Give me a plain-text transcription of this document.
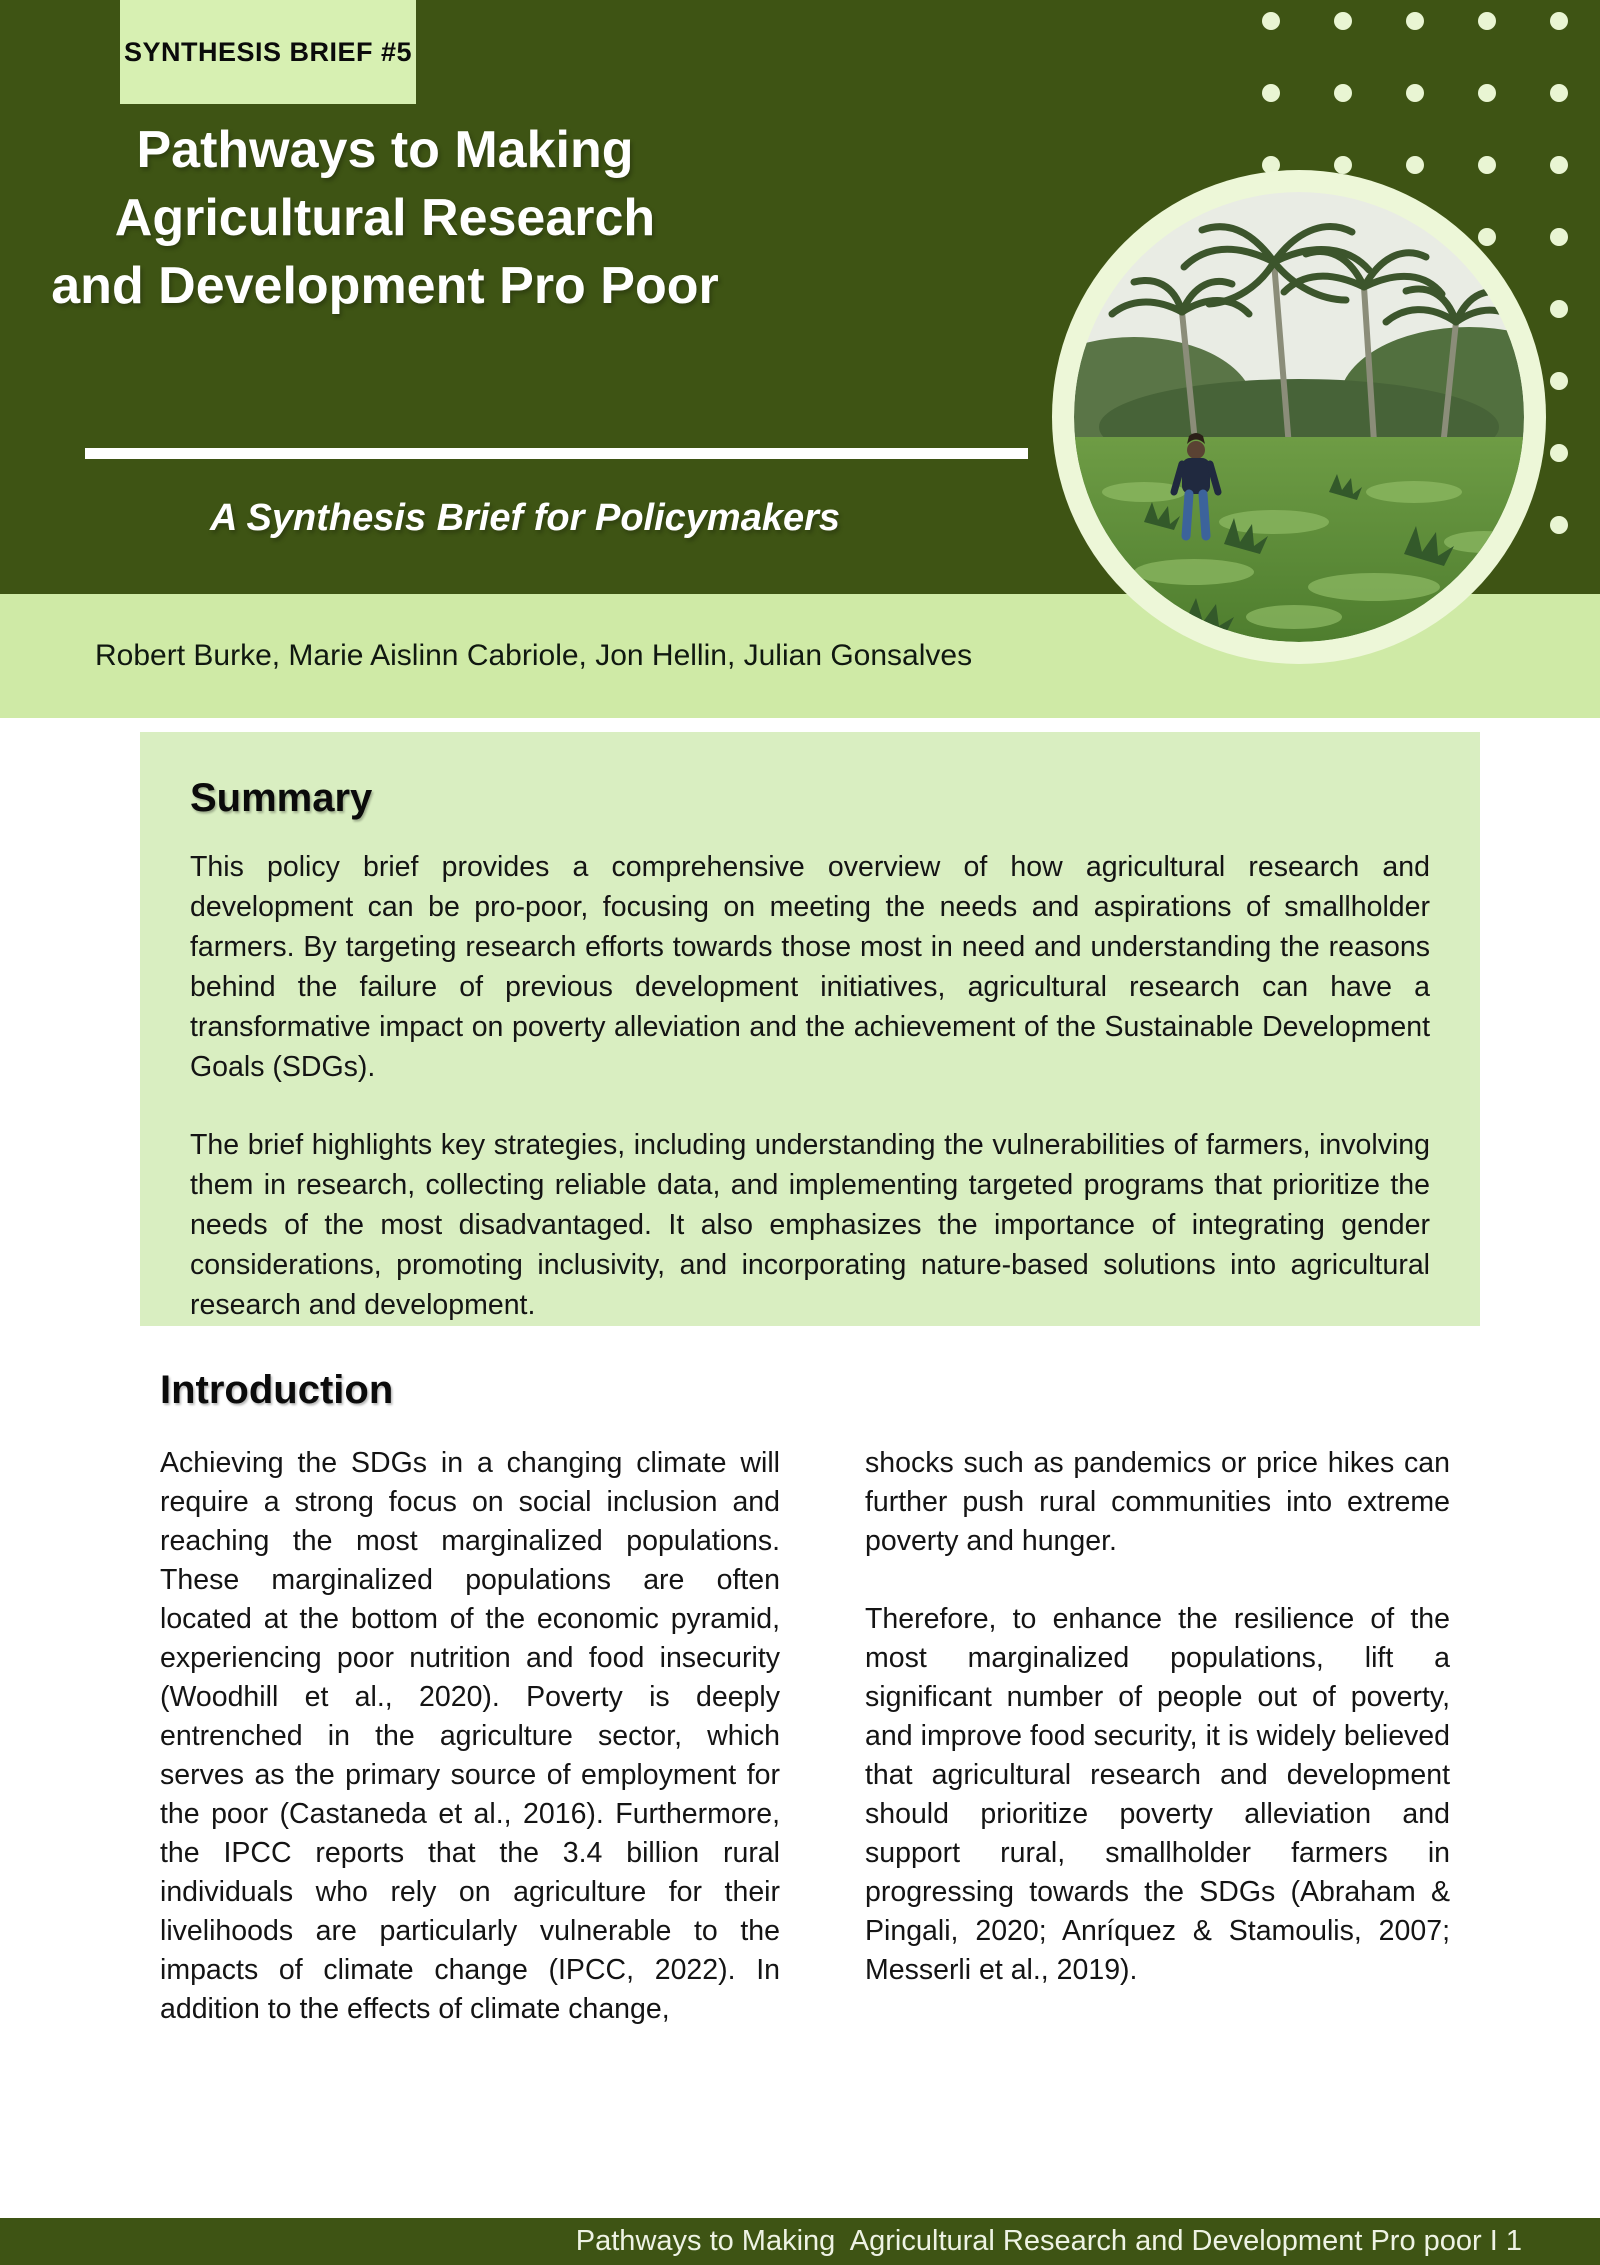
SYNTHESIS BRIEF #5
Pathways to Making
Agricultural Research
and Development Pro Poor
A Synthesis Brief for Policymakers
Robert Burke, Marie Aislinn Cabriole, Jon Hellin, Julian Gonsalves
Summary

This policy brief provides a comprehensive overview of how agricultural research and development can be pro-poor, focusing on meeting the needs and aspirations of smallholder farmers. By targeting research efforts towards those most in need and understanding the reasons behind the failure of previous development initiatives, agricultural research can have a transformative impact on poverty alleviation and the achievement of the Sustainable Development Goals (SDGs).

The brief highlights key strategies, including understanding the vulnerabilities of farmers, involving them in research, collecting reliable data, and implementing targeted programs that prioritize the needs of the most disadvantaged. It also emphasizes the importance of integrating gender considerations, promoting inclusivity, and incorporating nature-based solutions into agricultural research and development.

Introduction

Achieving the SDGs in a changing climate will require a strong focus on social inclusion and reaching the most marginalized populations. These marginalized populations are often located at the bottom of the economic pyramid, experiencing poor nutrition and food insecurity (Woodhill et al., 2020). Poverty is deeply entrenched in the agriculture sector, which serves as the primary source of employment for the poor (Castaneda et al., 2016). Furthermore, the IPCC reports that the 3.4 billion rural individuals who rely on agriculture for their livelihoods are particularly vulnerable to the impacts of climate change (IPCC, 2022). In addition to the effects of climate change,

shocks such as pandemics or price hikes can further push rural communities into extreme poverty and hunger.

Therefore, to enhance the resilience of the most marginalized populations, lift a significant number of people out of poverty, and improve food security, it is widely believed that agricultural research and development should prioritize poverty alleviation and support rural, smallholder farmers in progressing towards the SDGs (Abraham & Pingali, 2020; Anríquez & Stamoulis, 2007; Messerli et al., 2019).

Pathways to Making  Agricultural Research and Development Pro poor I 1
